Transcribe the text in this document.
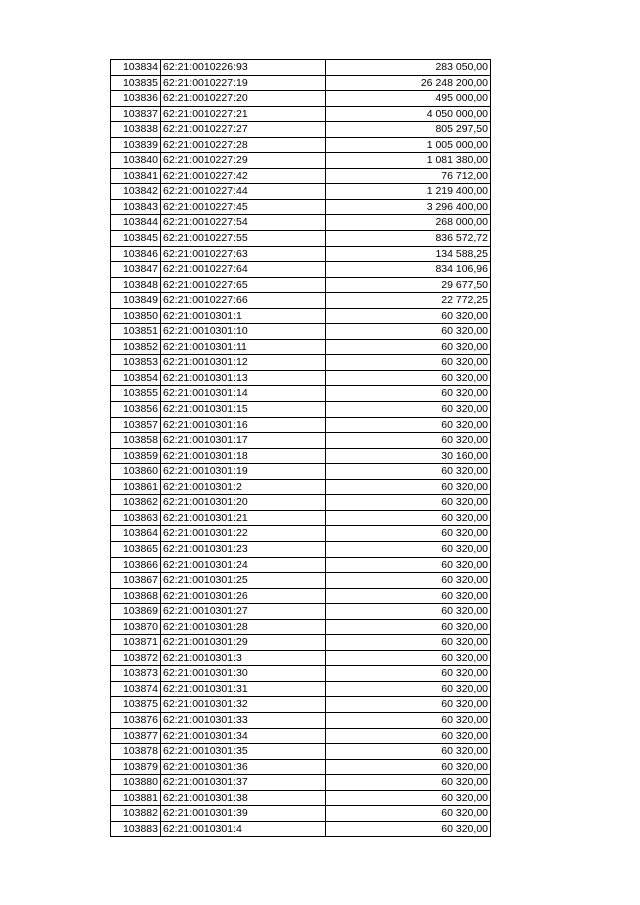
103834	62:21:0010226:93	283 050,00
103835	62:21:0010227:19	26 248 200,00
103836	62:21:0010227:20	495 000,00
103837	62:21:0010227:21	4 050 000,00
103838	62:21:0010227:27	805 297,50
103839	62:21:0010227:28	1 005 000,00
103840	62:21:0010227:29	1 081 380,00
103841	62:21:0010227:42	76 712,00
103842	62:21:0010227:44	1 219 400,00
103843	62:21:0010227:45	3 296 400,00
103844	62:21:0010227:54	268 000,00
103845	62:21:0010227:55	836 572,72
103846	62:21:0010227:63	134 588,25
103847	62:21:0010227:64	834 106,96
103848	62:21:0010227:65	29 677,50
103849	62:21:0010227:66	22 772,25
103850	62:21:0010301:1	60 320,00
103851	62:21:0010301:10	60 320,00
103852	62:21:0010301:11	60 320,00
103853	62:21:0010301:12	60 320,00
103854	62:21:0010301:13	60 320,00
103855	62:21:0010301:14	60 320,00
103856	62:21:0010301:15	60 320,00
103857	62:21:0010301:16	60 320,00
103858	62:21:0010301:17	60 320,00
103859	62:21:0010301:18	30 160,00
103860	62:21:0010301:19	60 320,00
103861	62:21:0010301:2	60 320,00
103862	62:21:0010301:20	60 320,00
103863	62:21:0010301:21	60 320,00
103864	62:21:0010301:22	60 320,00
103865	62:21:0010301:23	60 320,00
103866	62:21:0010301:24	60 320,00
103867	62:21:0010301:25	60 320,00
103868	62:21:0010301:26	60 320,00
103869	62:21:0010301:27	60 320,00
103870	62:21:0010301:28	60 320,00
103871	62:21:0010301:29	60 320,00
103872	62:21:0010301:3	60 320,00
103873	62:21:0010301:30	60 320,00
103874	62:21:0010301:31	60 320,00
103875	62:21:0010301:32	60 320,00
103876	62:21:0010301:33	60 320,00
103877	62:21:0010301:34	60 320,00
103878	62:21:0010301:35	60 320,00
103879	62:21:0010301:36	60 320,00
103880	62:21:0010301:37	60 320,00
103881	62:21:0010301:38	60 320,00
103882	62:21:0010301:39	60 320,00
103883	62:21:0010301:4	60 320,00
